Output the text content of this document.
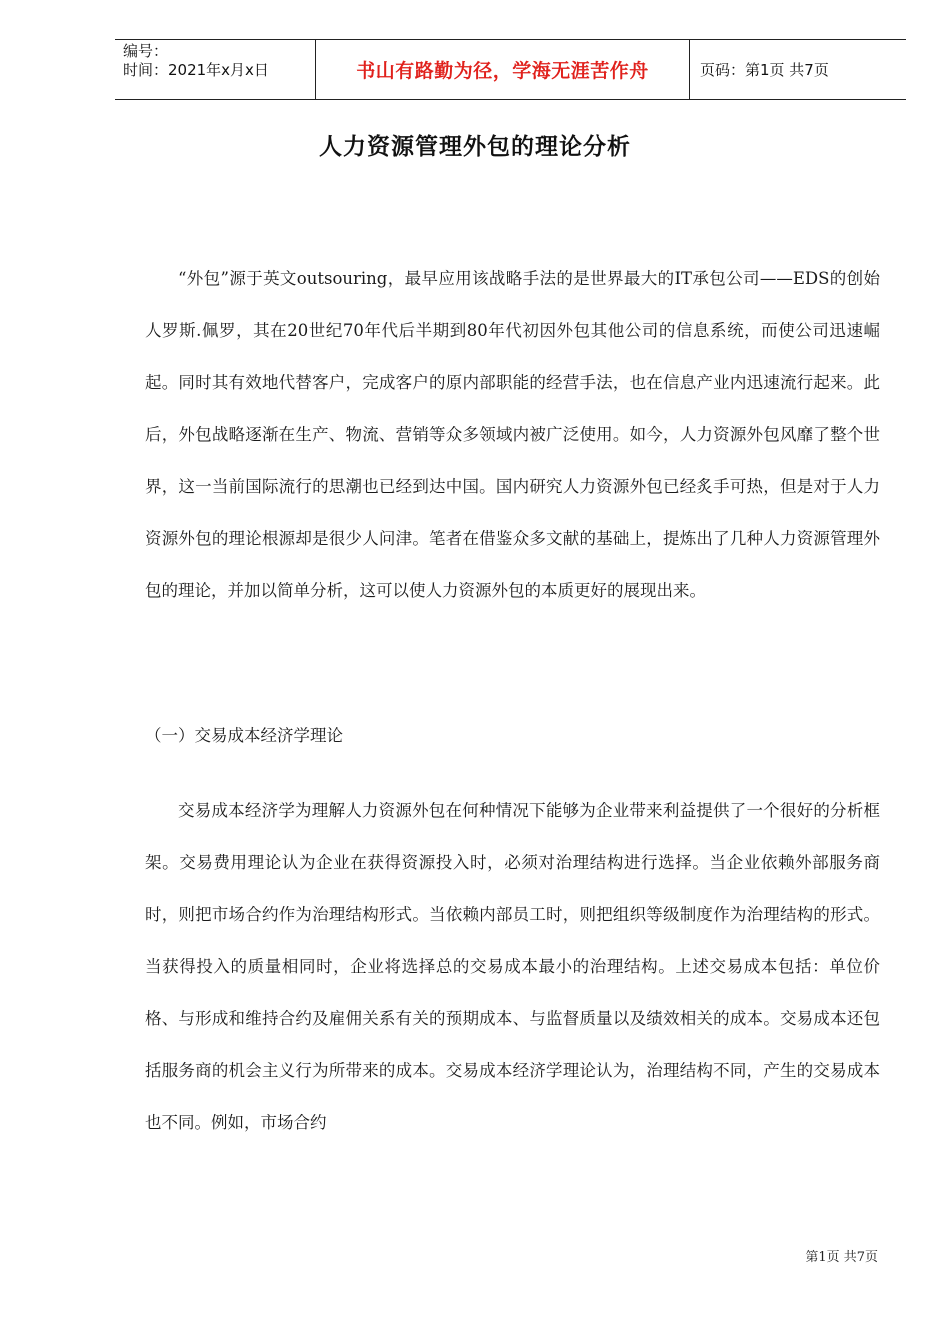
编号：
时间：2021年x月x日	书山有路勤为径，学海无涯苦作舟	页码：第1页 共7页
人力资源管理外包的理论分析

“外包”源于英文outsouring，最早应用该战略手法的是世界最大的IT承包公司——EDS的创始人罗斯.佩罗，其在20世纪70年代后半期到80年代初因外包其他公司的信息系统，而使公司迅速崛起。同时其有效地代替客户，完成客户的原内部职能的经营手法，也在信息产业内迅速流行起来。此后，外包战略逐渐在生产、物流、营销等众多领域内被广泛使用。如今，人力资源外包风靡了整个世界，这一当前国际流行的思潮也已经到达中国。国内研究人力资源外包已经炙手可热，但是对于人力资源外包的理论根源却是很少人问津。笔者在借鉴众多文献的基础上，提炼出了几种人力资源管理外包的理论，并加以简单分析，这可以使人力资源外包的本质更好的展现出来。

（一）交易成本经济学理论

交易成本经济学为理解人力资源外包在何种情况下能够为企业带来利益提供了一个很好的分析框架。交易费用理论认为企业在获得资源投入时，必须对治理结构进行选择。当企业依赖外部服务商时，则把市场合约作为治理结构形式。当依赖内部员工时，则把组织等级制度作为治理结构的形式。当获得投入的质量相同时，企业将选择总的交易成本最小的治理结构。上述交易成本包括：单位价格、与形成和维持合约及雇佣关系有关的预期成本、与监督质量以及绩效相关的成本。交易成本还包括服务商的机会主义行为所带来的成本。交易成本经济学理论认为，治理结构不同，产生的交易成本也不同。例如，市场合约

第1页 共7页
